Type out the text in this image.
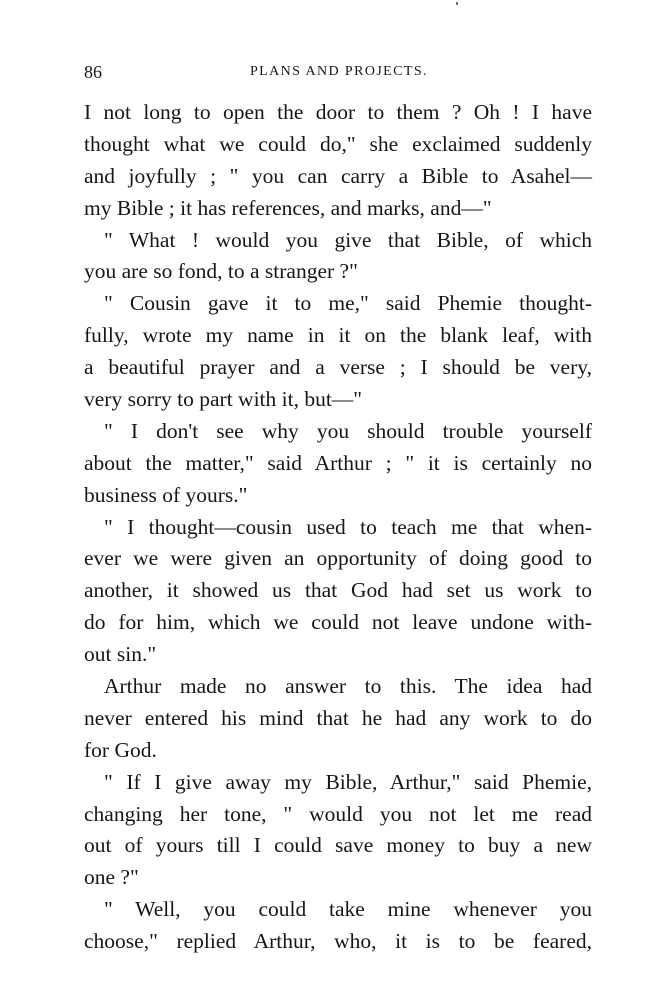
86	PLANS AND PROJECTS.
I not long to open the door to them ? Oh ! I have
thought what we could do," she exclaimed suddenly
and joyfully ; " you can carry a Bible to Asahel—
my Bible ; it has references, and marks, and—"
" What ! would you give that Bible, of which
you are so fond, to a stranger ?"
" Cousin gave it to me," said Phemie thought-
fully, wrote my name in it on the blank leaf, with
a beautiful prayer and a verse ; I should be very,
very sorry to part with it, but—"
" I don't see why you should trouble yourself
about the matter," said Arthur ; " it is certainly no
business of yours."
" I thought—cousin used to teach me that when-
ever we were given an opportunity of doing good to
another, it showed us that God had set us work to
do for him, which we could not leave undone with-
out sin."
Arthur made no answer to this. The idea had
never entered his mind that he had any work to do
for God.
" If I give away my Bible, Arthur," said Phemie,
changing her tone, " would you not let me read
out of yours till I could save money to buy a new
one ?"
" Well, you could take mine whenever you
choose," replied Arthur, who, it is to be feared,
